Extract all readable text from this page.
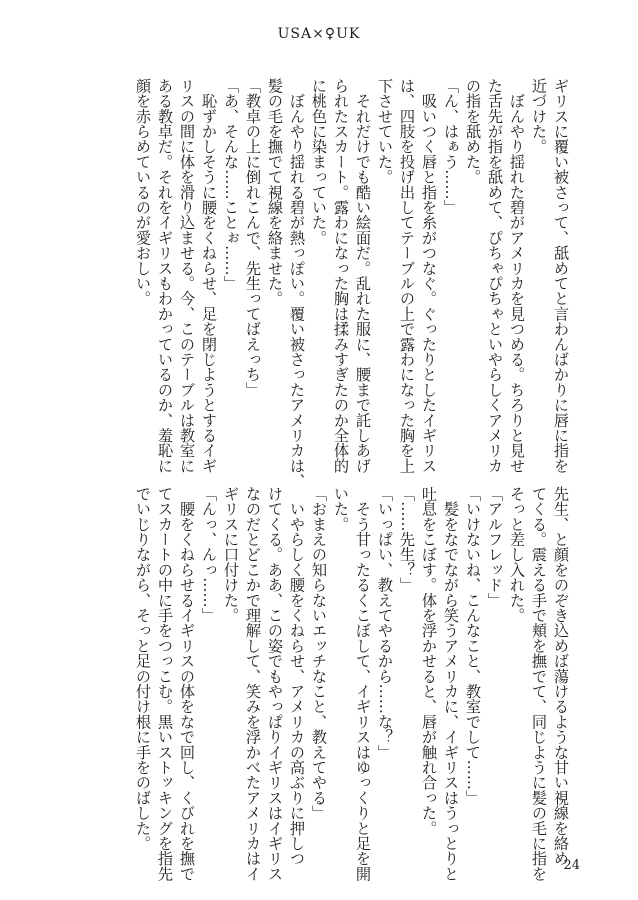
USA×♀UK
ギリスに覆い被さって、舐めてと言わんばかりに唇に指を
近づけた。
　ぼんやり揺れた碧がアメリカを見つめる。ちろりと見せ
た舌先が指を舐めて、ぴちゃぴちゃといやらしくアメリカ
の指を舐めた。
「ん、はぁう……」
　吸いつく唇と指を糸がつなぐ。ぐったりとしたイギリス
は、四肢を投げ出してテーブルの上で露わになった胸を上
下させていた。
　それだけでも酷い絵面だ。乱れた服に、腰まで託しあげ
られたスカート。露わになった胸は揉みすぎたのか全体的
に桃色に染まっていた。
　ぼんやり揺れる碧が熱っぽい。覆い被さったアメリカは、
髪の毛を撫でて視線を絡ませた。
「教卓の上に倒れこんで、先生ってばえっち」
「あ、そんな……ことぉ……」
　恥ずかしそうに腰をくねらせ、足を閉じようとするイギ
リスの間に体を滑り込ませる。今、このテーブルは教室に
ある教卓だ。それをイギリスもわかっているのか、羞恥に
顔を赤らめているのが愛おしい。
先生、と顔をのぞき込めば蕩けるような甘い視線を絡め
てくる。震える手で頬を撫でて、同じように髪の毛に指を
そっと差し入れた。
「アルフレッド」
「いけないね、こんなこと、教室でして……」
　髪をなでながら笑うアメリカに、イギリスはうっとりと
吐息をこぼす。体を浮かせると、唇が触れ合った。
「……先生？」
「いっぱい、教えてやるから……な？」
　そう甘ったるくこぼして、イギリスはゆっくりと足を開
いた。
「おまえの知らないエッチなこと、教えてやる」
　いやらしく腰をくねらせ、アメリカの高ぶりに押しつ
けてくる。ああ、この姿でもやっぱりイギリスはイギリス
なのだとどこかで理解して、笑みを浮かべたアメリカはイ
ギリスに口付けた。
「んっ、んっ……」
　腰をくねらせるイギリスの体をなで回し、くびれを撫で
てスカートの中に手をつっこむ。黒いストッキングを指先
でいじりながら、そっと足の付け根に手をのばした。
24
